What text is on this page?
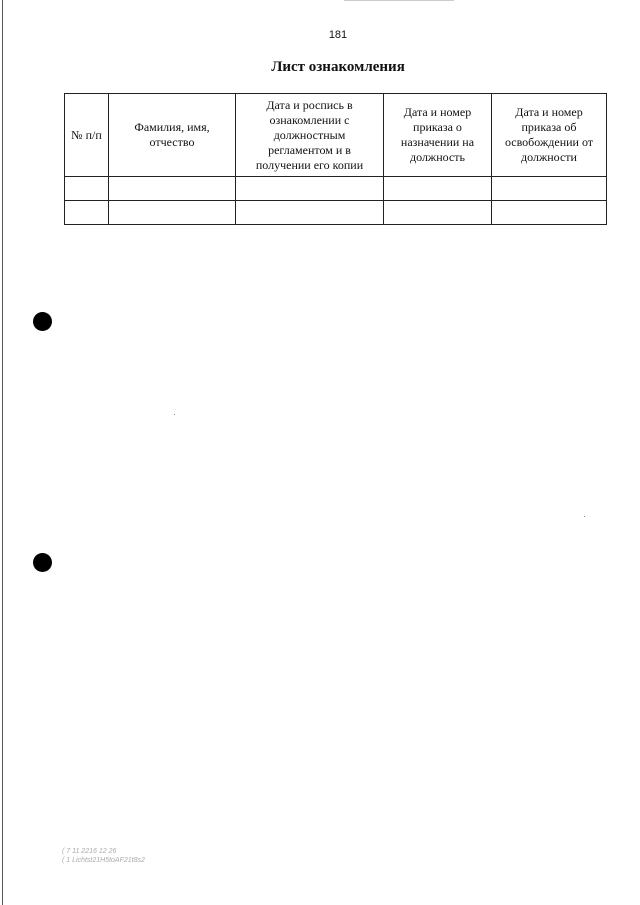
181
Лист ознакомления
№ п/п	Фамилия, имя, отчество	Дата и роспись в ознакомлении с должностным регламентом и в получении его копии	Дата и номер приказа о назначении на должность	Дата и номер приказа об освобождении от должности

( 7 11 2216 12 26
( 1 Lichtst21H5toAF21t8s2
